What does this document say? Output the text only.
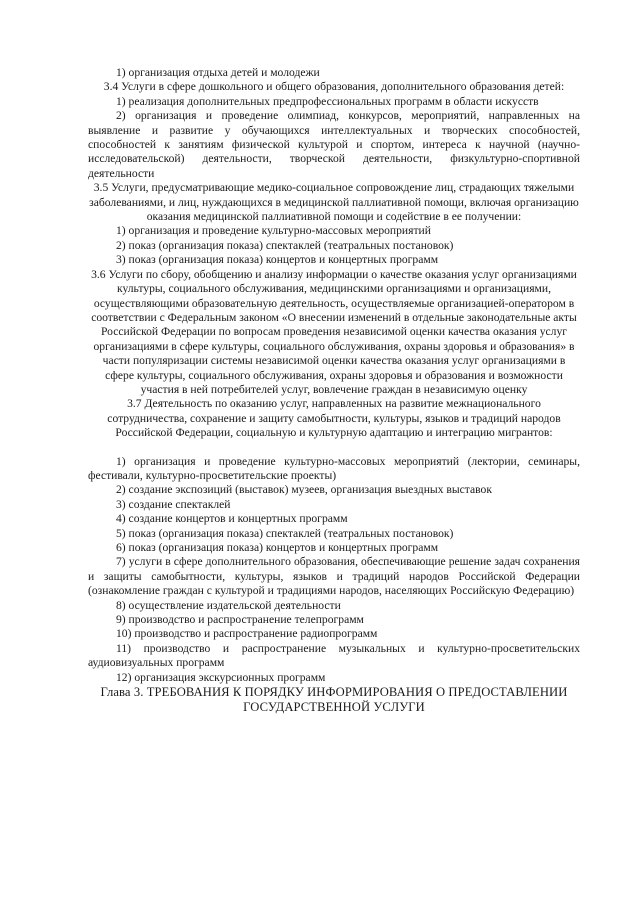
1) организация отдыха детей и молодежи

3.4 Услуги в сфере дошкольного и общего образования, дополнительного образования детей:

1) реализация дополнительных предпрофессиональных программ в области искусств

2) организация и проведение олимпиад, конкурсов, мероприятий, направленных на выявление и развитие у обучающихся интеллектуальных и творческих способностей, способностей к занятиям физической культурой и спортом, интереса к научной (научно-исследовательской) деятельности, творческой деятельности, физкультурно-спортивной деятельности

3.5 Услуги, предусматривающие медико-социальное сопровождение лиц, страдающих тяжелыми заболеваниями, и лиц, нуждающихся в медицинской паллиативной помощи, включая организацию оказания медицинской паллиативной помощи и содействие в ее получении:

1) организация и проведение культурно-массовых мероприятий

2) показ (организация показа) спектаклей (театральных постановок)

3) показ (организация показа) концертов и концертных программ

3.6 Услуги по сбору, обобщению и анализу информации о качестве оказания услуг организациями культуры, социального обслуживания, медицинскими организациями и организациями, осуществляющими образовательную деятельность, осуществляемые организацией-оператором в соответствии с Федеральным законом «О внесении изменений в отдельные законодательные акты Российской Федерации по вопросам проведения независимой оценки качества оказания услуг организациями в сфере культуры, социального обслуживания, охраны здоровья и образования» в части популяризации системы независимой оценки качества оказания услуг организациями в сфере культуры, социального обслуживания, охраны здоровья и образования и возможности участия в ней потребителей услуг, вовлечение граждан в независимую оценку

3.7 Деятельность по оказанию услуг, направленных на развитие межнационального сотрудничества, сохранение и защиту самобытности, культуры, языков и традиций народов Российской Федерации, социальную и культурную адаптацию и интеграцию мигрантов:

1) организация и проведение культурно-массовых мероприятий (лектории, семинары, фестивали, культурно-просветительские проекты)

2) создание экспозиций (выставок) музеев, организация выездных выставок

3) создание спектаклей

4) создание концертов и концертных программ

5) показ (организация показа) спектаклей (театральных постановок)

6) показ (организация показа) концертов и концертных программ

7) услуги в сфере дополнительного образования, обеспечивающие решение задач сохранения и защиты самобытности, культуры, языков и традиций народов Российской Федерации (ознакомление граждан с культурой и традициями народов, населяющих Российскую Федерацию)

8) осуществление издательской деятельности

9) производство и распространение телепрограмм

10) производство и распространение радиопрограмм

11) производство и распространение музыкальных и культурно-просветительских аудиовизуальных программ

12) организация экскурсионных программ

Глава 3. ТРЕБОВАНИЯ К ПОРЯДКУ ИНФОРМИРОВАНИЯ О ПРЕДОСТАВЛЕНИИ ГОСУДАРСТВЕННОЙ УСЛУГИ
